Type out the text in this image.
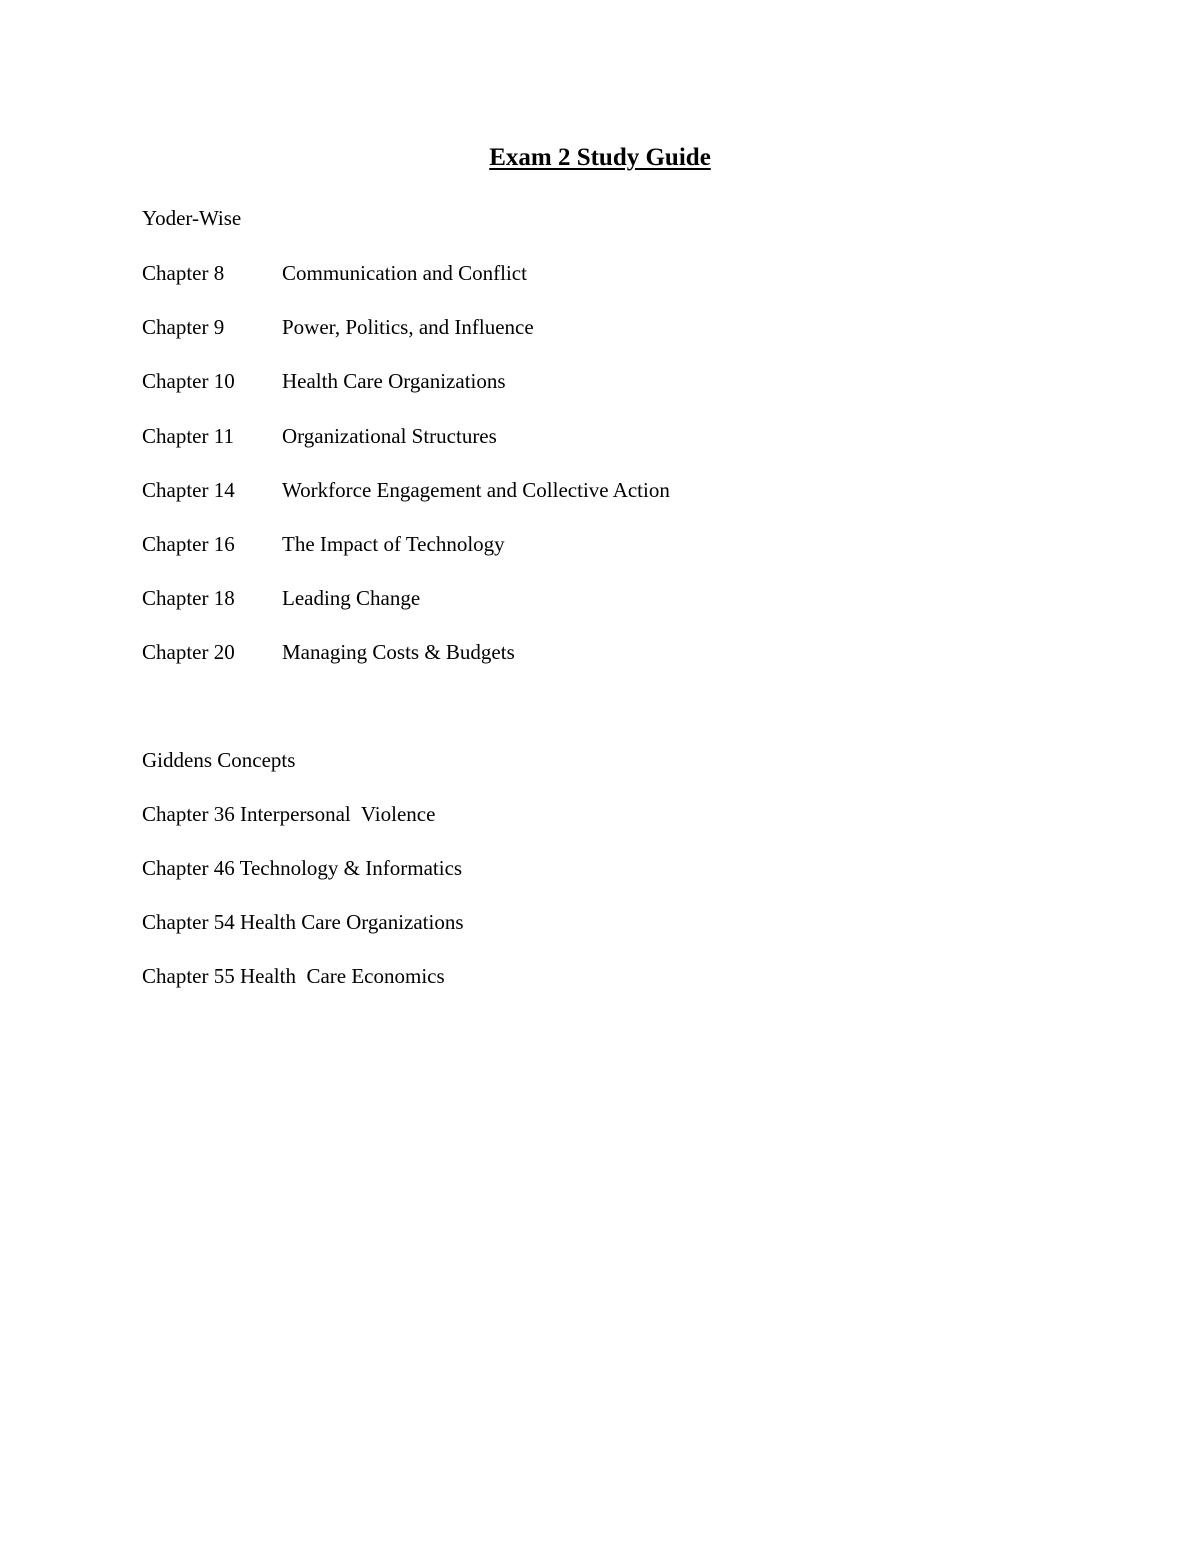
Exam 2 Study Guide
Yoder-Wise
Chapter 8	Communication and Conflict
Chapter 9	Power, Politics, and Influence
Chapter 10 Health Care Organizations
Chapter 11 Organizational Structures
Chapter 14 Workforce Engagement and Collective Action
Chapter 16 The Impact of Technology
Chapter 18 Leading Change
Chapter 20 Managing Costs & Budgets
Giddens Concepts
Chapter 36 Interpersonal  Violence
Chapter 46 Technology & Informatics
Chapter 54 Health Care Organizations
Chapter 55 Health  Care Economics
